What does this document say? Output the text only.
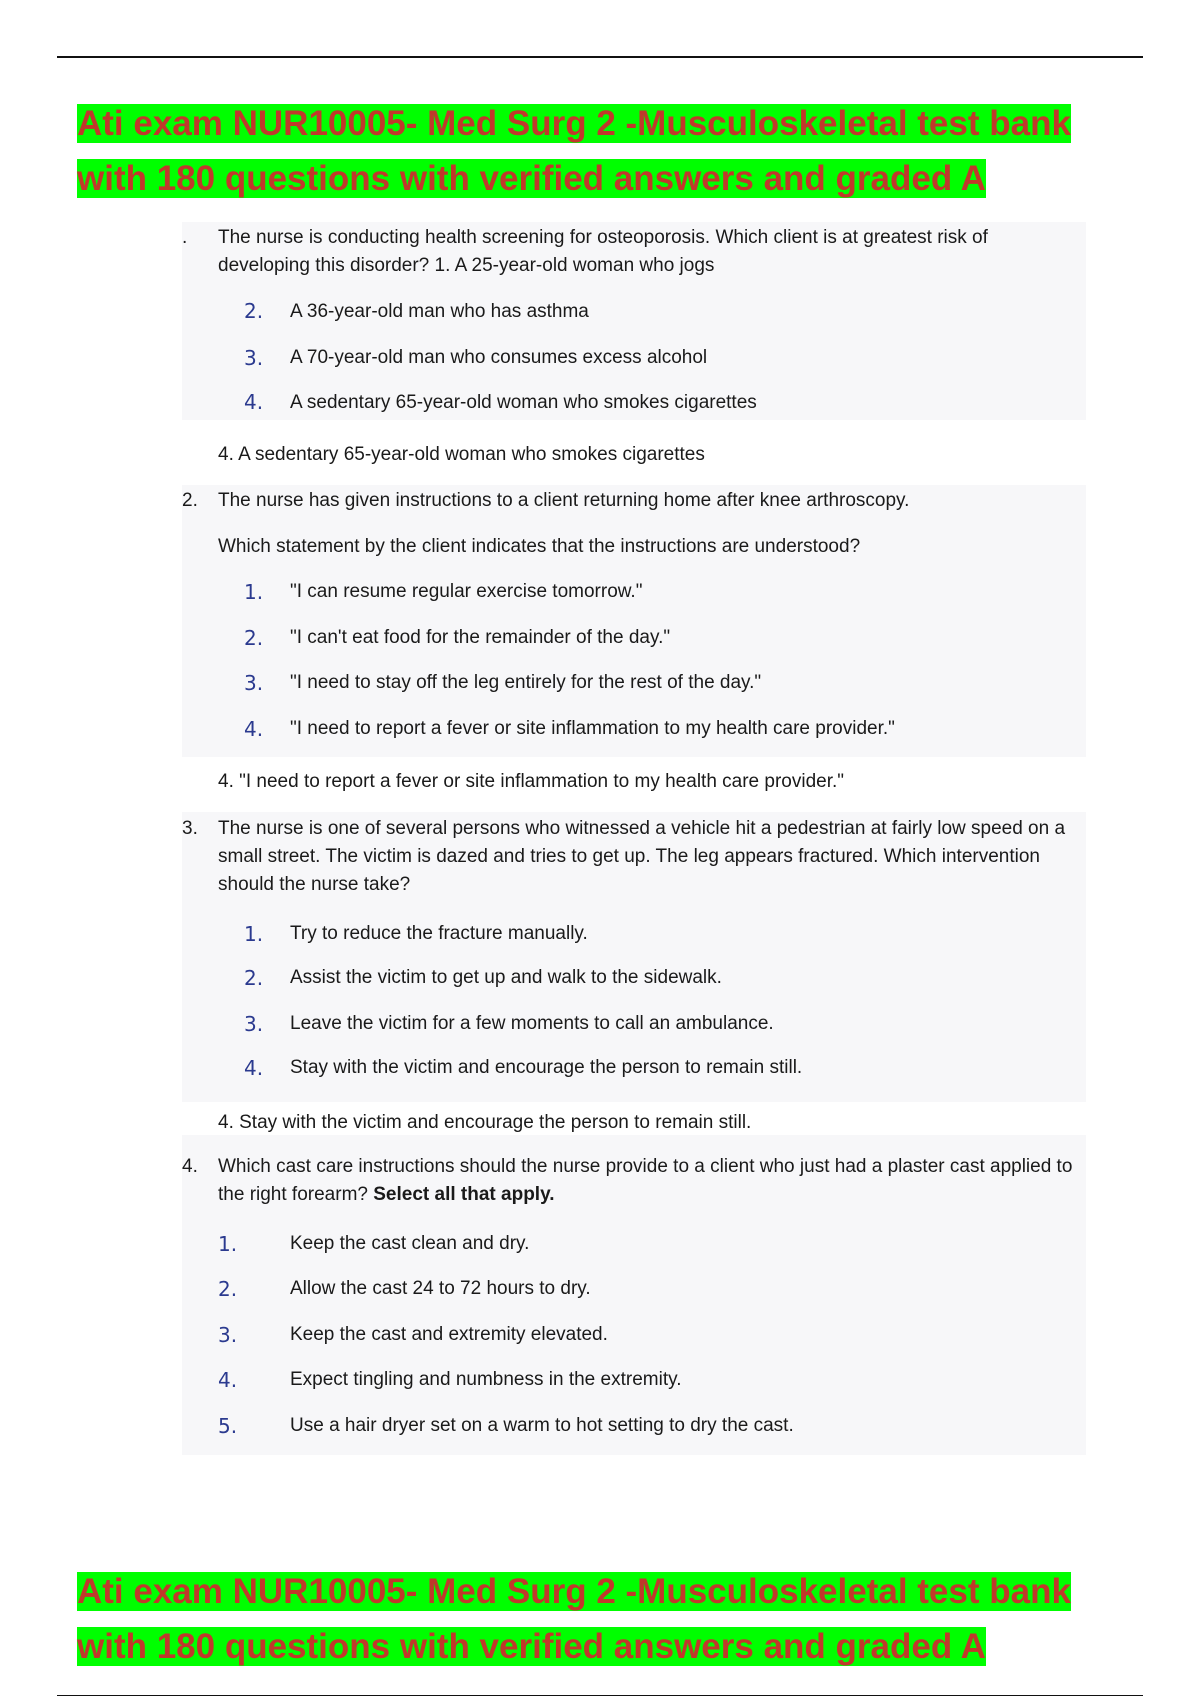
Ati exam NUR10005- Med Surg 2 -Musculoskeletal test bank with 180 questions with verified answers and graded A
. The nurse is conducting health screening for osteoporosis. Which client is at greatest risk of developing this disorder? 1. A 25-year-old woman who jogs
2. A 36-year-old man who has asthma
3. A 70-year-old man who consumes excess alcohol
4. A sedentary 65-year-old woman who smokes cigarettes
4. A sedentary 65-year-old woman who smokes cigarettes
2. The nurse has given instructions to a client returning home after knee arthroscopy.
Which statement by the client indicates that the instructions are understood?
1. "I can resume regular exercise tomorrow."
2. "I can't eat food for the remainder of the day."
3. "I need to stay off the leg entirely for the rest of the day."
4. "I need to report a fever or site inflammation to my health care provider."
4. "I need to report a fever or site inflammation to my health care provider."
3. The nurse is one of several persons who witnessed a vehicle hit a pedestrian at fairly low speed on a small street. The victim is dazed and tries to get up. The leg appears fractured. Which intervention should the nurse take?
1. Try to reduce the fracture manually.
2. Assist the victim to get up and walk to the sidewalk.
3. Leave the victim for a few moments to call an ambulance.
4. Stay with the victim and encourage the person to remain still.
4. Stay with the victim and encourage the person to remain still.
4. Which cast care instructions should the nurse provide to a client who just had a plaster cast applied to the right forearm? Select all that apply.
1.	Keep the cast clean and dry.
2.	Allow the cast 24 to 72 hours to dry.
3.	Keep the cast and extremity elevated.
4.	Expect tingling and numbness in the extremity.
5.	Use a hair dryer set on a warm to hot setting to dry the cast.
Ati exam NUR10005- Med Surg 2 -Musculoskeletal test bank with 180 questions with verified answers and graded A
